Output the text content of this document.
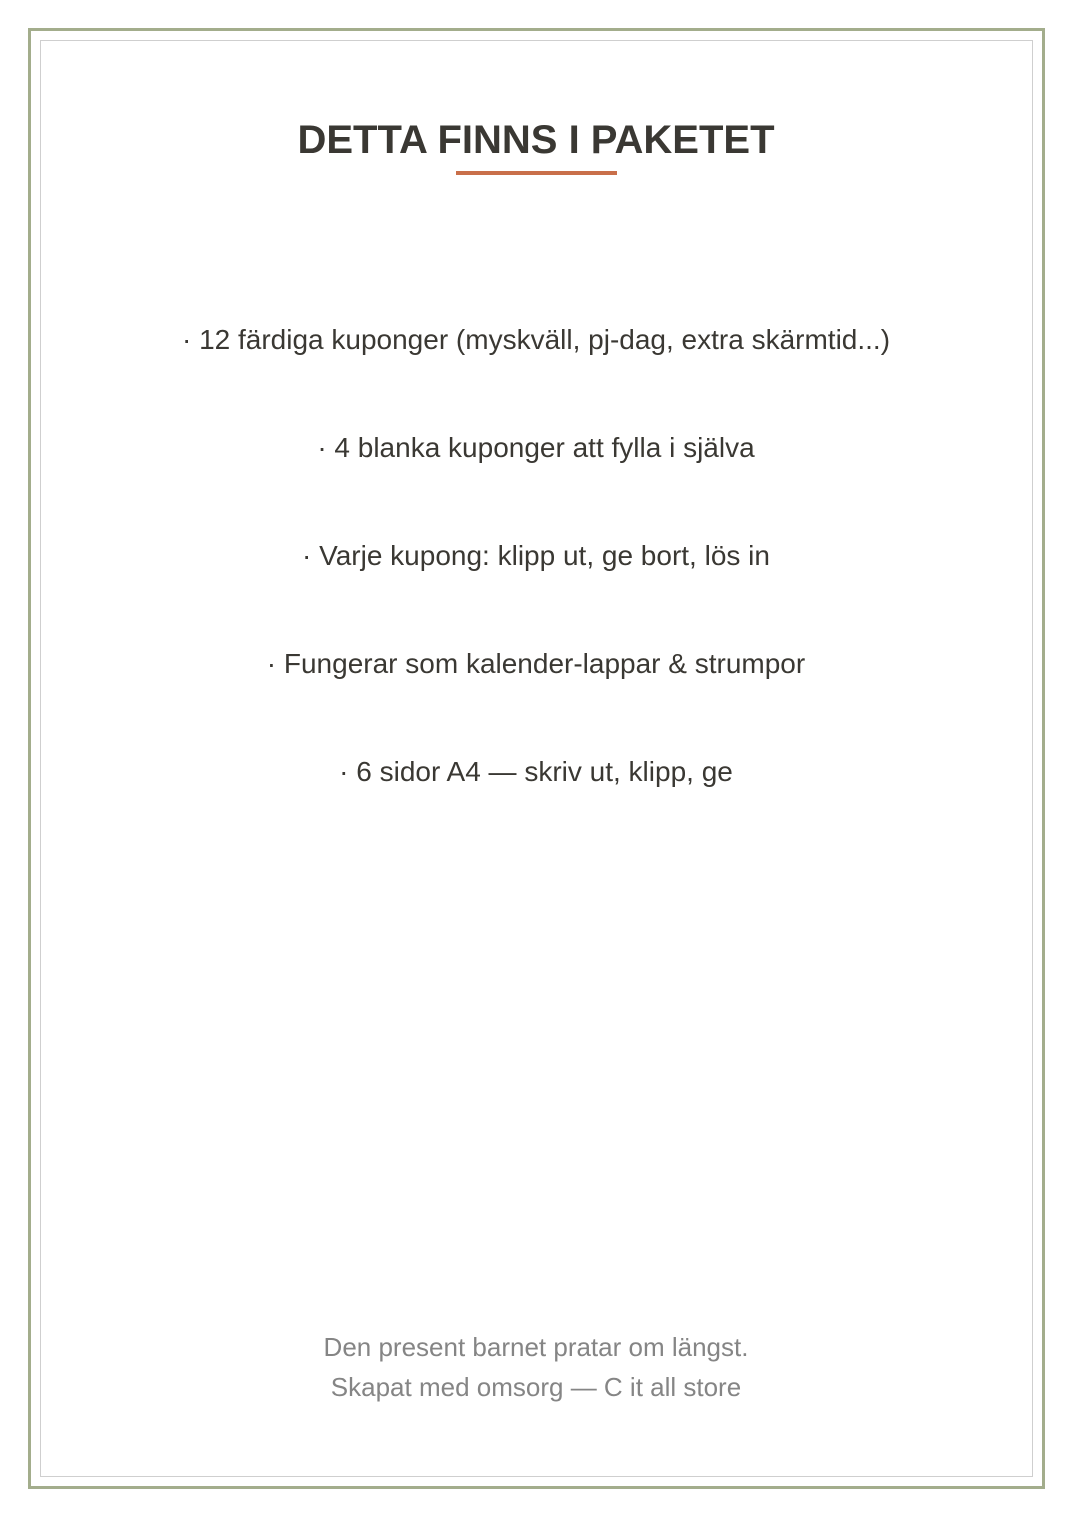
DETTA FINNS I PAKETET
· 12 färdiga kuponger (myskväll, pj-dag, extra skärmtid...)
· 4 blanka kuponger att fylla i själva
· Varje kupong: klipp ut, ge bort, lös in
· Fungerar som kalender-lappar & strumpor
· 6 sidor A4 — skriv ut, klipp, ge
Den present barnet pratar om längst.
Skapat med omsorg — C it all store
